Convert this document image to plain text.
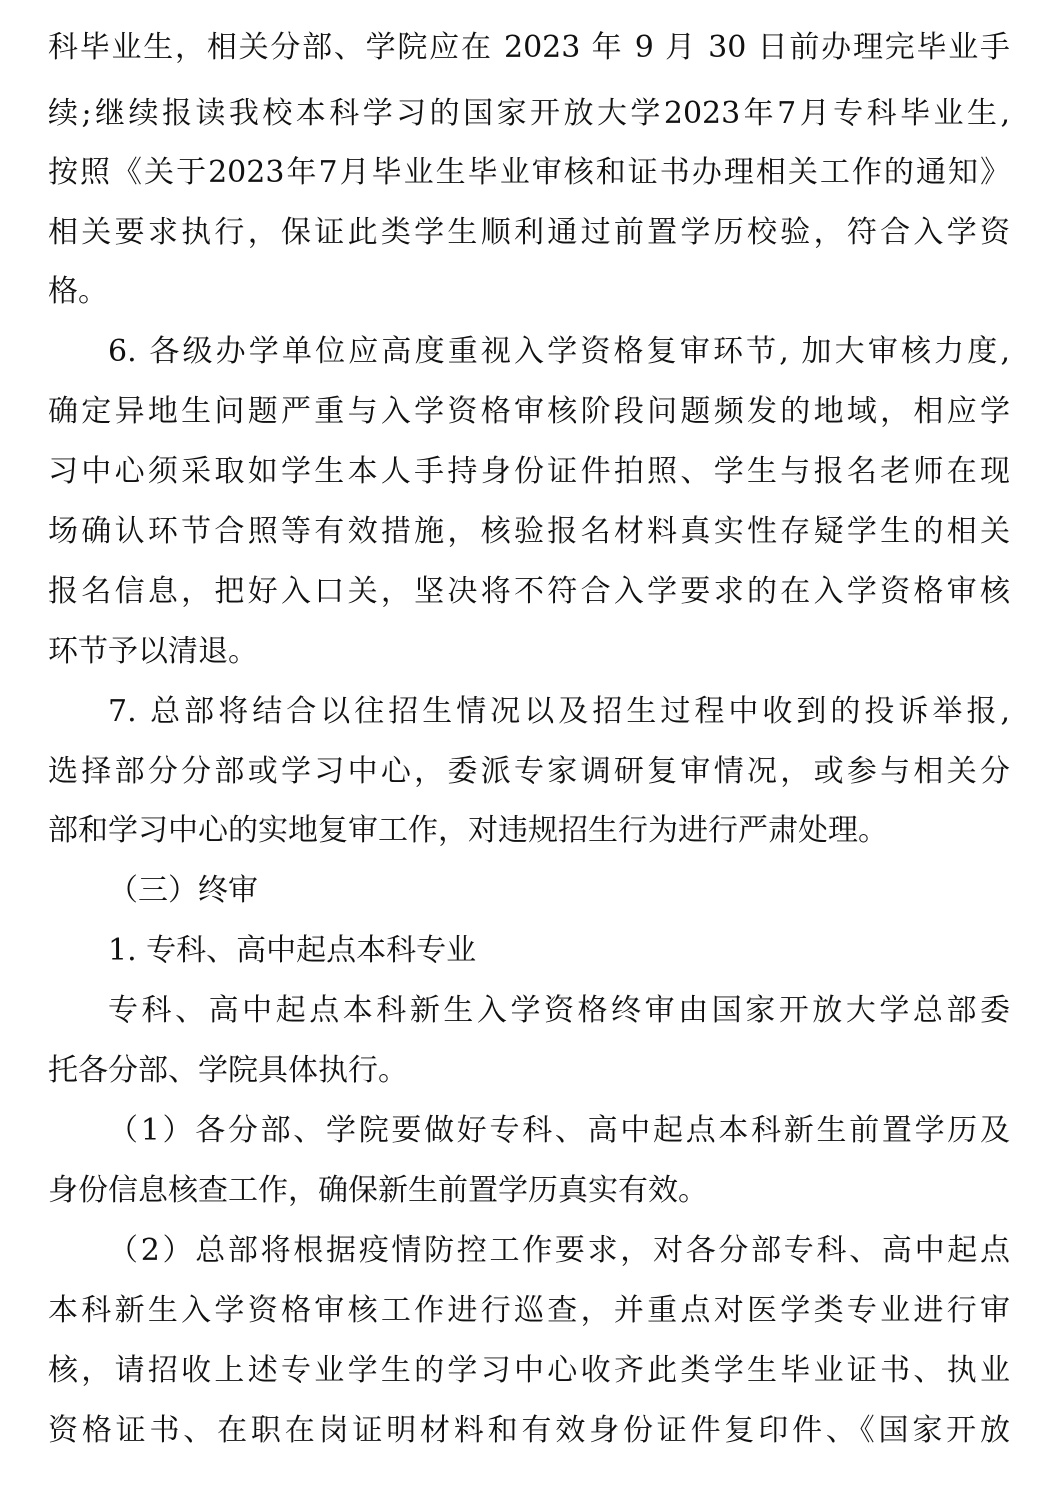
科毕业生，相关分部、学院应在 2023 年 9 月 30 日前办理完毕业手
续;继续报读我校本科学习的国家开放大学2023年7月专科毕业生,
按照《关于2023年7月毕业生毕业审核和证书办理相关工作的通知》
相关要求执行，保证此类学生顺利通过前置学历校验，符合入学资
格。
6. 各级办学单位应高度重视入学资格复审环节, 加大审核力度,
确定异地生问题严重与入学资格审核阶段问题频发的地域，相应学
习中心须采取如学生本人手持身份证件拍照、学生与报名老师在现
场确认环节合照等有效措施，核验报名材料真实性存疑学生的相关
报名信息，把好入口关，坚决将不符合入学要求的在入学资格审核
环节予以清退。
7. 总部将结合以往招生情况以及招生过程中收到的投诉举报,
选择部分分部或学习中心，委派专家调研复审情况，或参与相关分
部和学习中心的实地复审工作，对违规招生行为进行严肃处理。
（三）终审
1. 专科、高中起点本科专业
专科、高中起点本科新生入学资格终审由国家开放大学总部委
托各分部、学院具体执行。
（1）各分部、学院要做好专科、高中起点本科新生前置学历及
身份信息核查工作，确保新生前置学历真实有效。
（2）总部将根据疫情防控工作要求，对各分部专科、高中起点
本科新生入学资格审核工作进行巡查，并重点对医学类专业进行审
核，请招收上述专业学生的学习中心收齐此类学生毕业证书、执业
资格证书、在职在岗证明材料和有效身份证件复印件、《国家开放
